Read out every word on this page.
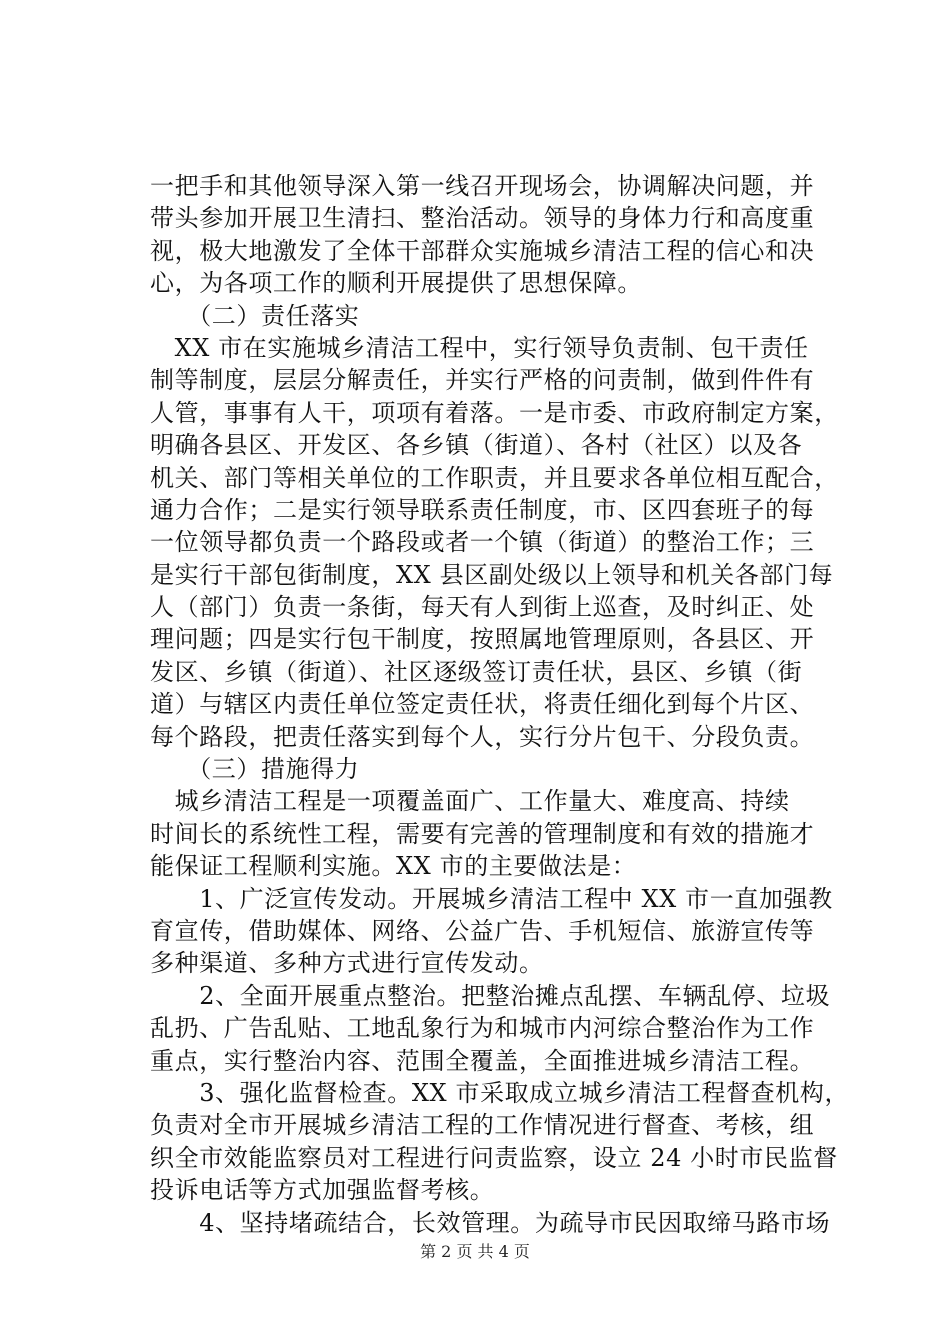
一把手和其他领导深入第一线召开现场会，协调解决问题，并
带头参加开展卫生清扫、整治活动。领导的身体力行和高度重
视，极大地激发了全体干部群众实施城乡清洁工程的信心和决
心，为各项工作的顺利开展提供了思想保障。
　　（二）责任落实
　XX 市在实施城乡清洁工程中，实行领导负责制、包干责任
制等制度，层层分解责任，并实行严格的问责制，做到件件有
人管，事事有人干，项项有着落。一是市委、市政府制定方案，
明确各县区、开发区、各乡镇（街道）、各村（社区）以及各
机关、部门等相关单位的工作职责，并且要求各单位相互配合，
通力合作；二是实行领导联系责任制度，市、区四套班子的每
一位领导都负责一个路段或者一个镇（街道）的整治工作；三
是实行干部包街制度，XX 县区副处级以上领导和机关各部门每
人（部门）负责一条街，每天有人到街上巡查，及时纠正、处
理问题；四是实行包干制度，按照属地管理原则，各县区、开
发区、乡镇（街道）、社区逐级签订责任状，县区、乡镇（街
道）与辖区内责任单位签定责任状，将责任细化到每个片区、
每个路段，把责任落实到每个人，实行分片包干、分段负责。
　　（三）措施得力
　城乡清洁工程是一项覆盖面广、工作量大、难度高、持续
时间长的系统性工程，需要有完善的管理制度和有效的措施才
能保证工程顺利实施。XX 市的主要做法是：
　　1、广泛宣传发动。开展城乡清洁工程中 XX 市一直加强教
育宣传，借助媒体、网络、公益广告、手机短信、旅游宣传等
多种渠道、多种方式进行宣传发动。
　　2、全面开展重点整治。把整治摊点乱摆、车辆乱停、垃圾
乱扔、广告乱贴、工地乱象行为和城市内河综合整治作为工作
重点，实行整治内容、范围全覆盖，全面推进城乡清洁工程。
　　3、强化监督检查。XX 市采取成立城乡清洁工程督查机构，
负责对全市开展城乡清洁工程的工作情况进行督查、考核，组
织全市效能监察员对工程进行问责监察，设立 24 小时市民监督
投诉电话等方式加强监督考核。
　　4、坚持堵疏结合，长效管理。为疏导市民因取缔马路市场
第 2 页 共 4 页
